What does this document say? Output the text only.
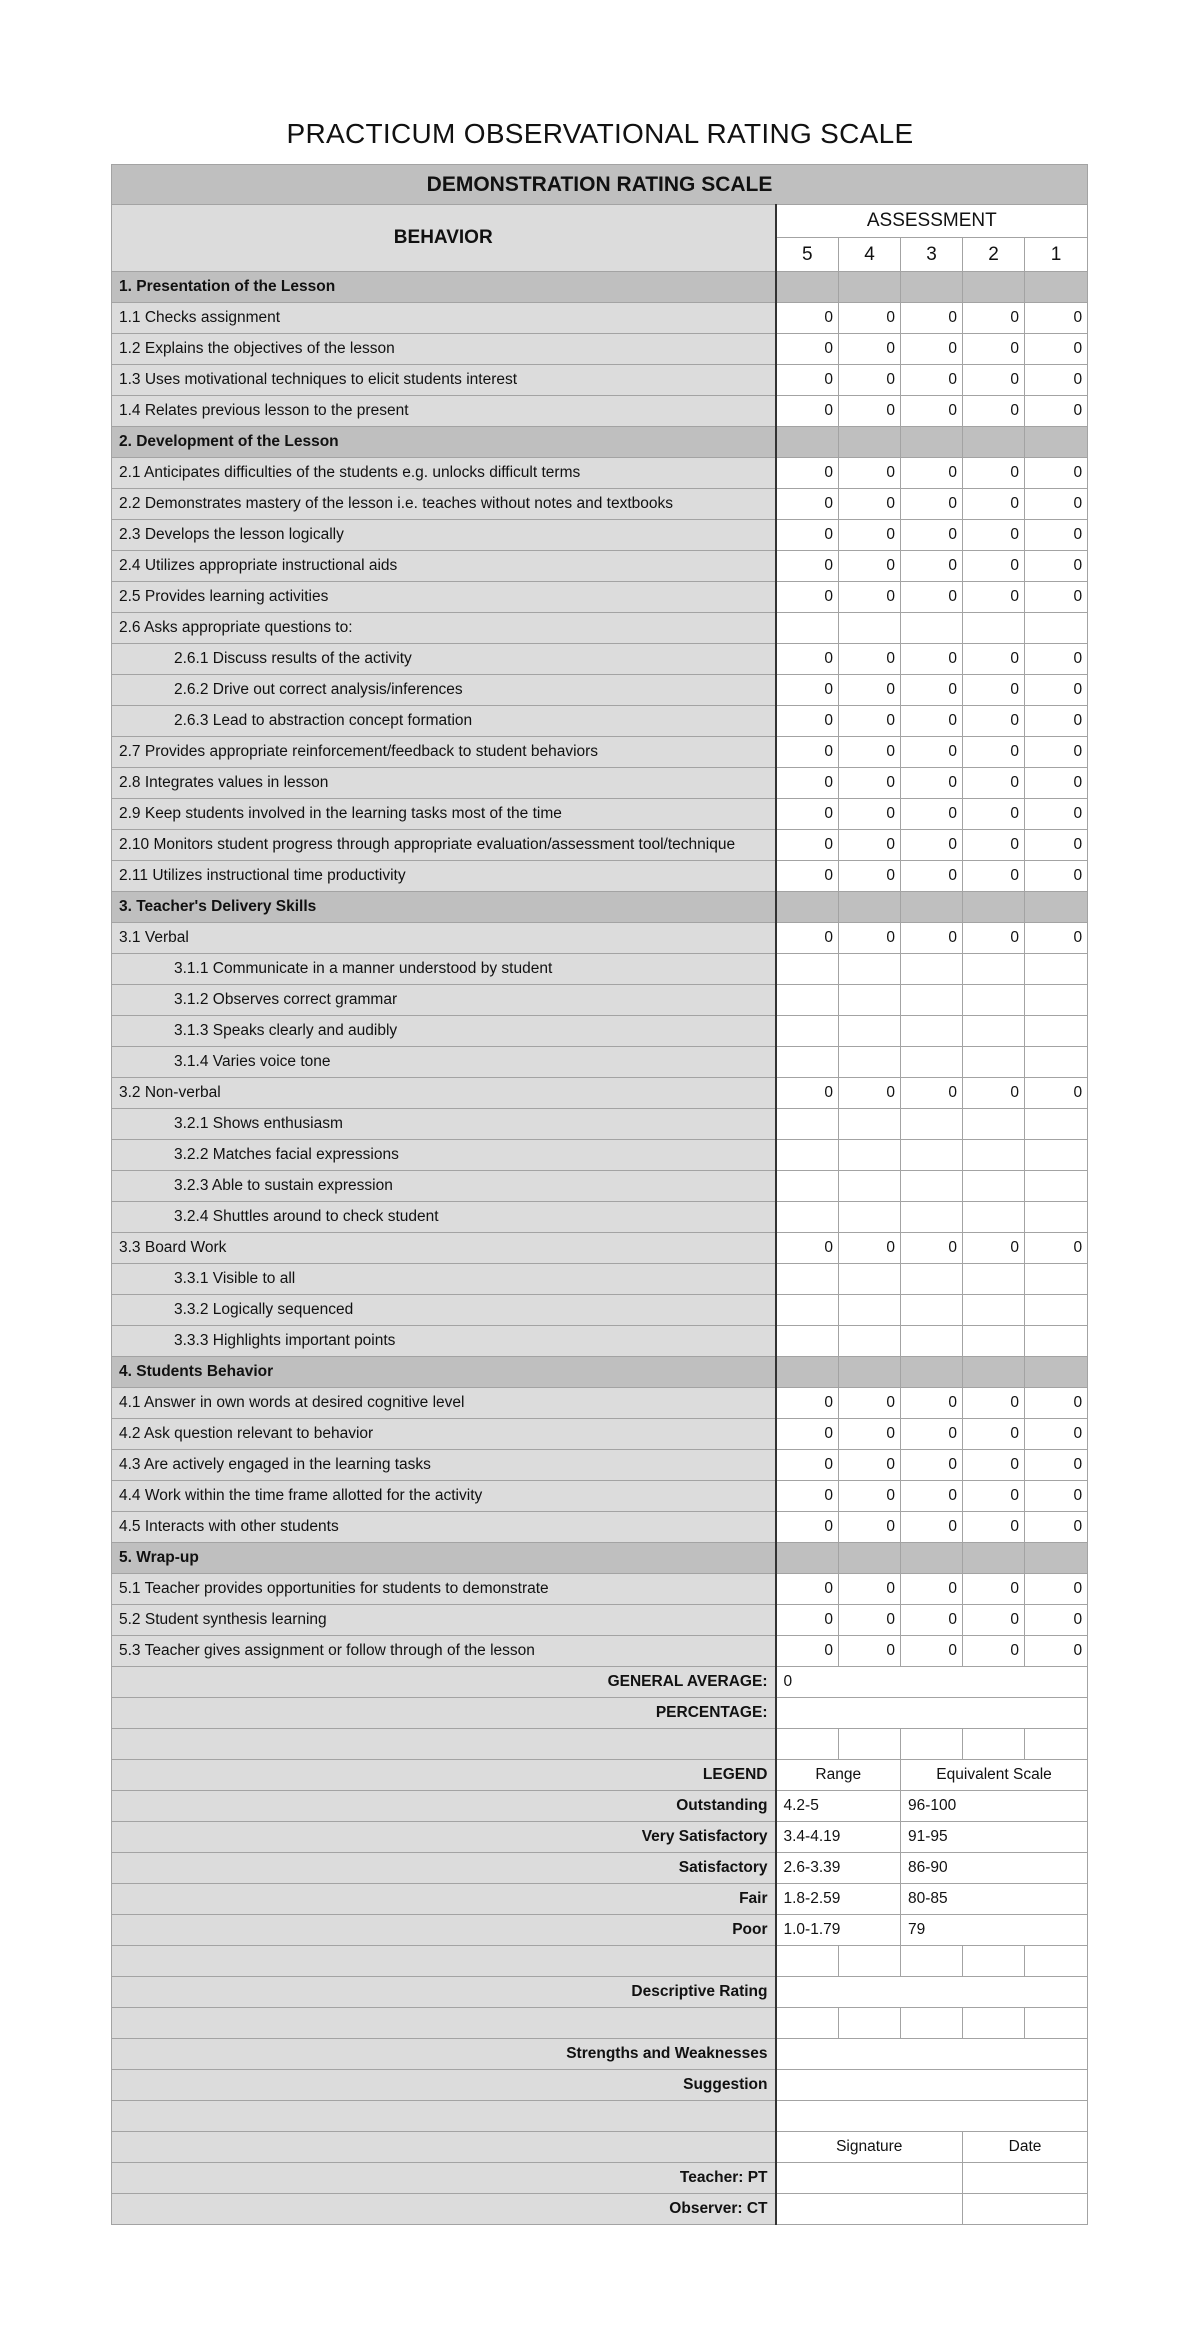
PRACTICUM OBSERVATIONAL RATING SCALE
DEMONSTRATION RATING SCALE					
BEHAVIOR	ASSESSMENT				
	5	4	3	2	1
1. Presentation of the Lesson					
1.1 Checks assignment	0	0	0	0	0
1.2 Explains the objectives of the lesson	0	0	0	0	0
1.3 Uses motivational techniques to elicit students interest	0	0	0	0	0
1.4 Relates previous lesson to the present	0	0	0	0	0
2. Development of the Lesson					
2.1 Anticipates difficulties of the students e.g. unlocks difficult terms	0	0	0	0	0
2.2 Demonstrates mastery of the lesson i.e. teaches without notes and textbooks	0	0	0	0	0
2.3 Develops the lesson logically	0	0	0	0	0
2.4 Utilizes appropriate instructional aids	0	0	0	0	0
2.5 Provides learning activities	0	0	0	0	0
2.6 Asks appropriate questions to:					
2.6.1 Discuss results of the activity	0	0	0	0	0
2.6.2 Drive out correct analysis/inferences	0	0	0	0	0
2.6.3 Lead to abstraction concept formation	0	0	0	0	0
2.7 Provides appropriate reinforcement/feedback to student behaviors	0	0	0	0	0
2.8 Integrates values in lesson	0	0	0	0	0
2.9 Keep students involved in the learning tasks most of the time	0	0	0	0	0
2.10 Monitors student progress through appropriate evaluation/assessment tool/technique	0	0	0	0	0
2.11 Utilizes instructional time productivity	0	0	0	0	0
3. Teacher's Delivery Skills					
3.1 Verbal	0	0	0	0	0
3.1.1 Communicate in a manner understood by student					
3.1.2 Observes correct grammar					
3.1.3 Speaks clearly and audibly					
3.1.4 Varies voice tone					
3.2 Non-verbal	0	0	0	0	0
3.2.1 Shows enthusiasm					
3.2.2 Matches facial expressions					
3.2.3 Able to sustain expression					
3.2.4 Shuttles around to check student					
3.3 Board Work	0	0	0	0	0
3.3.1 Visible to all					
3.3.2 Logically sequenced					
3.3.3 Highlights important points					
4. Students Behavior					
4.1 Answer in own words at desired cognitive level	0	0	0	0	0
4.2 Ask question relevant to behavior	0	0	0	0	0
4.3 Are actively engaged in the learning tasks	0	0	0	0	0
4.4 Work within the time frame allotted for the activity	0	0	0	0	0
4.5 Interacts with other students	0	0	0	0	0
5. Wrap-up					
5.1 Teacher provides opportunities for students to demonstrate	0	0	0	0	0
5.2 Student synthesis learning	0	0	0	0	0
5.3 Teacher gives assignment or follow through of the lesson	0	0	0	0	0
GENERAL AVERAGE:	0				
PERCENTAGE:					

LEGEND	Range		Equivalent Scale		
Outstanding	4.2-5		96-100		
Very Satisfactory	3.4-4.19		91-95		
Satisfactory	2.6-3.39		86-90		
Fair	1.8-2.59		80-85		
Poor	1.0-1.79		79		

Descriptive Rating					

Strengths and Weaknesses					
Suggestion					

	Signature			Date	
Teacher: PT					
Observer: CT					
